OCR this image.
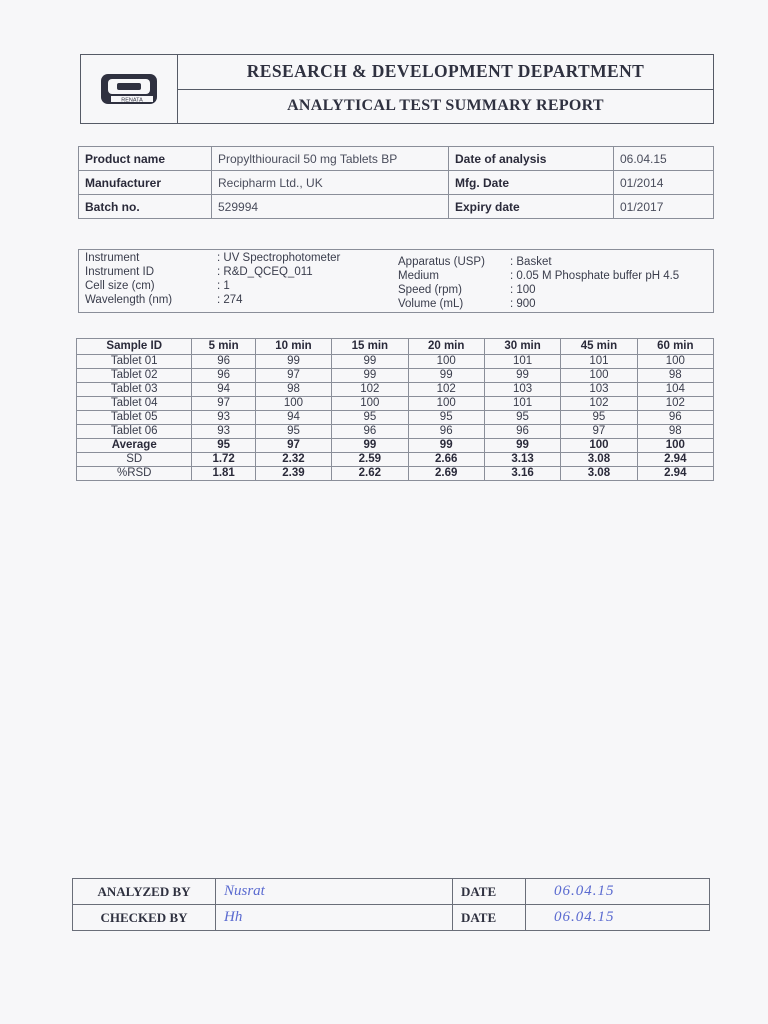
RENATA
RESEARCH & DEVELOPMENT DEPARTMENT
ANALYTICAL TEST SUMMARY REPORT
Product name	Propylthiouracil 50 mg Tablets BP	Date of analysis	06.04.15
Manufacturer	Recipharm Ltd., UK	Mfg. Date	01/2014
Batch no.	529994	Expiry date	01/2017
Instrument	: UV Spectrophotometer
Instrument ID	: R&D_QCEQ_011
Cell size (cm)	: 1
Wavelength (nm)	: 274
Apparatus (USP)	: Basket
Medium	: 0.05 M Phosphate buffer pH 4.5
Speed (rpm)	: 100
Volume (mL)	: 900
Sample ID	5 min	10 min	15 min	20 min	30 min	45 min	60 min
Tablet 01	96	99	99	100	101	101	100
Tablet 02	96	97	99	99	99	100	98
Tablet 03	94	98	102	102	103	103	104
Tablet 04	97	100	100	100	101	102	102
Tablet 05	93	94	95	95	95	95	96
Tablet 06	93	95	96	96	96	97	98
Average	95	97	99	99	99	100	100
SD	1.72	2.32	2.59	2.66	3.13	3.08	2.94
%RSD	1.81	2.39	2.62	2.69	3.16	3.08	2.94
ANALYZED BY	Nusrat	DATE	06.04.15
CHECKED BY	Hh	DATE	06.04.15
